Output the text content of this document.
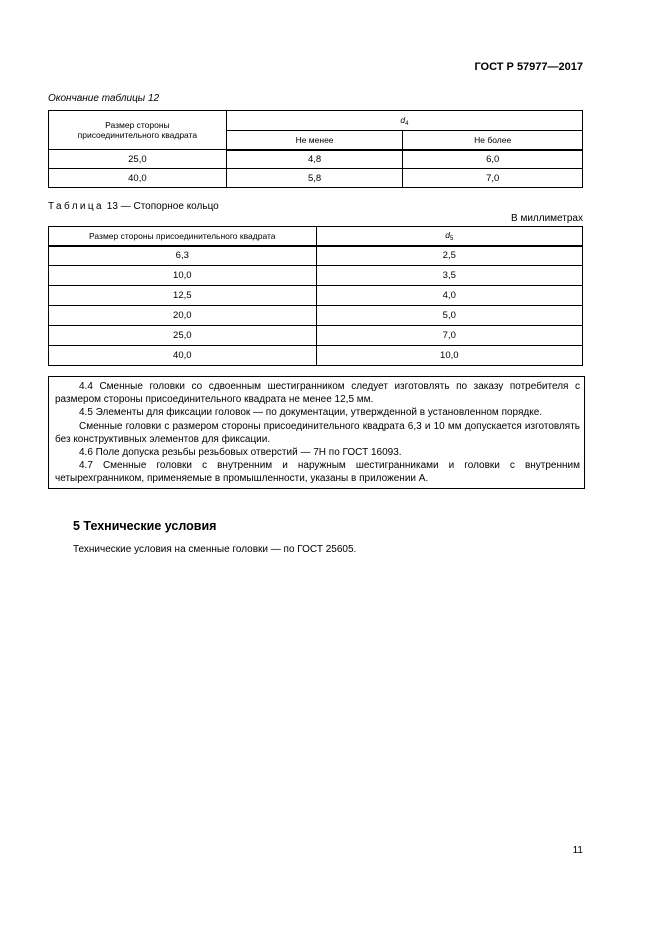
ГОСТ Р 57977—2017
Окончание таблицы 12
Размер стороны
присоединительного квадрата	$d_4$
	Не менее	Не более
25,0	4,8	6,0
40,0	5,8	7,0
Таблица 13 — Стопорное кольцо
В миллиметрах
Размер стороны присоединительного квадрата	$d_5$
6,3	2,5
10,0	3,5
12,5	4,0
20,0	5,0
25,0	7,0
40,0	10,0

4.4 Сменные головки со сдвоенным шестигранником следует изготовлять по заказу потребителя с размером стороны присоединительного квадрата не менее 12,5 мм.

4.5 Элементы для фиксации головок — по документации, утвержденной в установленном порядке.

Сменные головки с размером стороны присоединительного квадрата 6,3 и 10 мм допускается изготовлять без конструктивных элементов для фиксации.

4.6 Поле допуска резьбы резьбовых отверстий — 7H по ГОСТ 16093.

4.7 Сменные головки с внутренним и наружным шестигранниками и головки с внутренним четырехгранником, применяемые в промышленности, указаны в приложении А.

5 Технические условия
Технические условия на сменные головки — по ГОСТ 25605.
11
